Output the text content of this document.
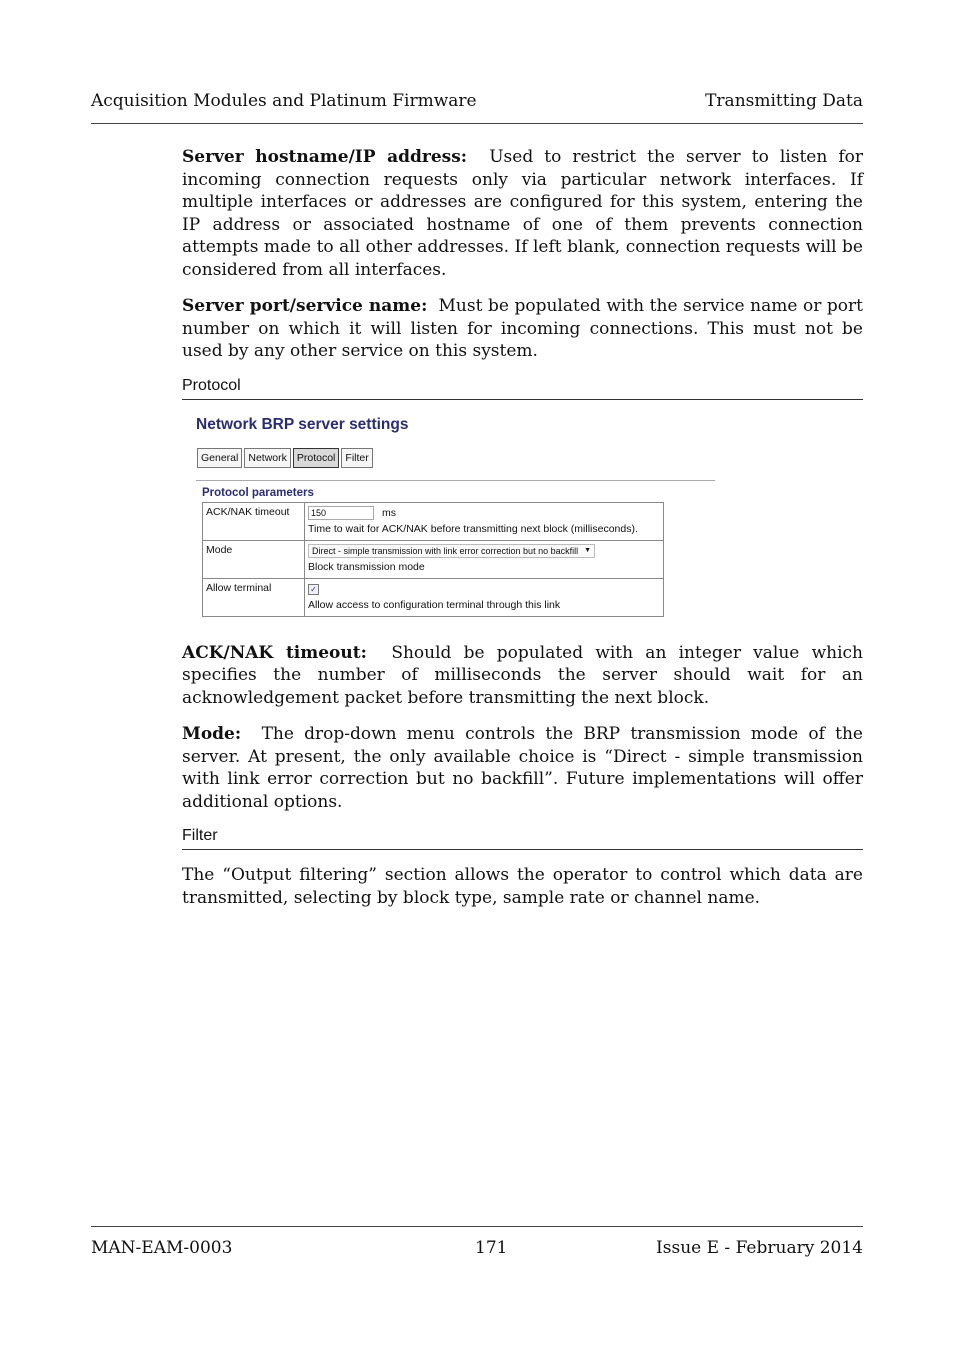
Acquisition Modules and Platinum Firmware	Transmitting Data

Server hostname/IP address: Used to restrict the server to listen for incoming connection requests only via particular network interfaces. If multiple interfaces or addresses are configured for this system, entering the IP address or associated hostname of one of them prevents connection attempts made to all other addresses. If left blank, connection requests will be considered from all interfaces.

Server port/service name: Must be populated with the service name or port number on which it will listen for incoming connections. This must not be used by any other service on this system.

Protocol
Network BRP server settings
General Network Protocol Filter
Protocol parameters
ACK/NAK timeout	150 ms
Time to wait for ACK/NAK before transmitting next block (milliseconds).

Mode	Direct - simple transmission with link error correction but no backfill ▼
Block transmission mode

Allow terminal	✓
Allow access to configuration terminal through this link

ACK/NAK timeout: Should be populated with an integer value which specifies the number of milliseconds the server should wait for an acknowledgement packet before transmitting the next block.

Mode: The drop-down menu controls the BRP transmission mode of the server. At present, the only available choice is “Direct - simple transmission with link error correction but no backfill”. Future implementations will offer additional options.

Filter

The “Output filtering” section allows the operator to control which data are transmitted, selecting by block type, sample rate or channel name.

MAN-EAM-0003	171	Issue E - February 2014
